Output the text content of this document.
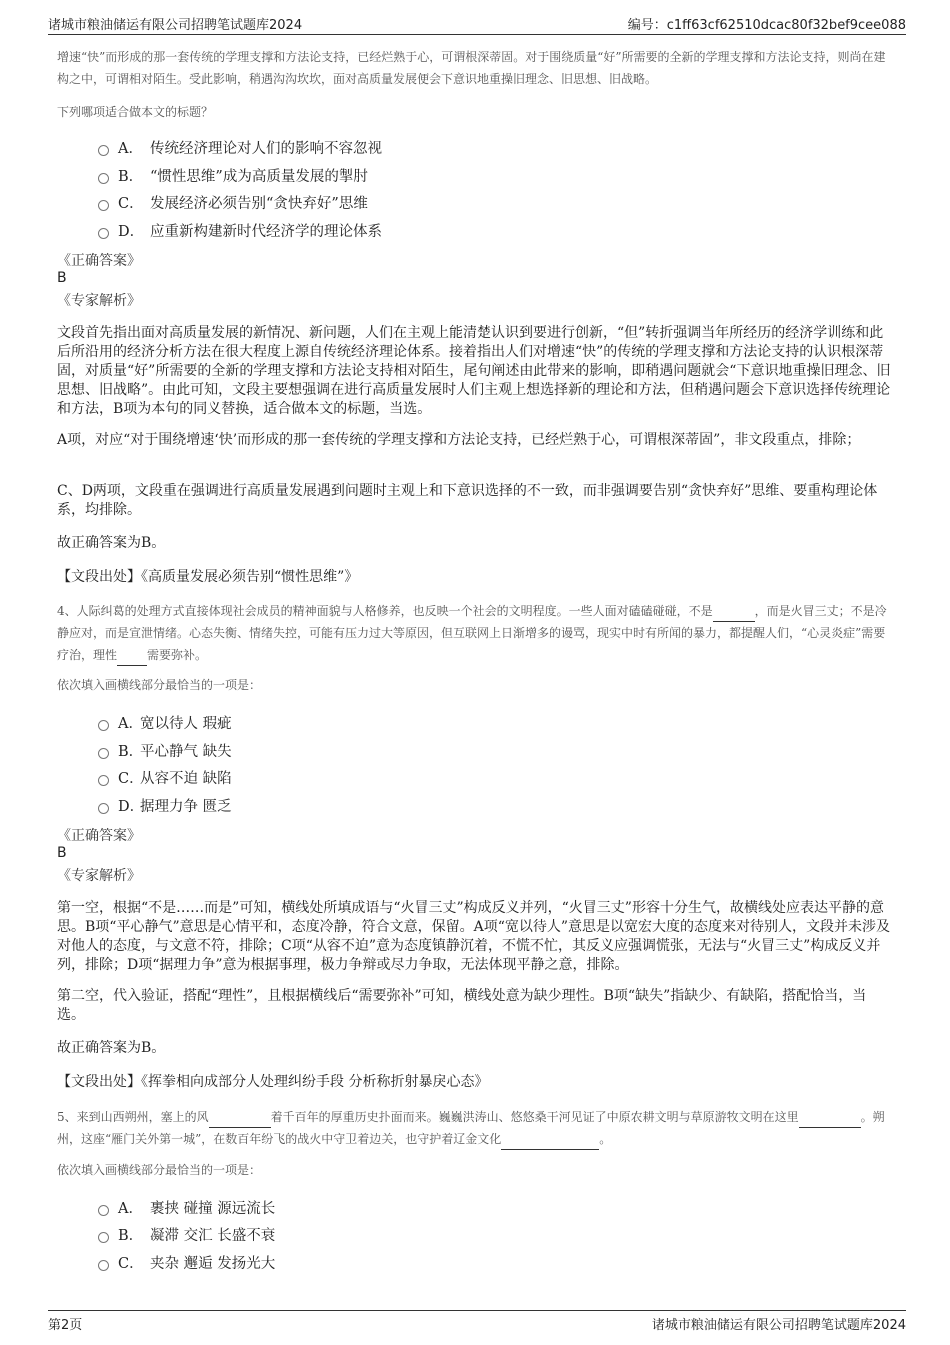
诸城市粮油储运有限公司招聘笔试题库2024	编号：c1ff63cf62510dcac80f32bef9cee088
增速“快”而形成的那一套传统的学理支撑和方法论支持，已经烂熟于心，可谓根深蒂固。对于围绕质量“好”所需要的全新的学理支撑和方法论支持，则尚在建构之中，可谓相对陌生。受此影响，稍遇沟沟坎坎，面对高质量发展便会下意识地重操旧理念、旧思想、旧战略。
下列哪项适合做本文的标题？
A． 传统经济理论对人们的影响不容忽视
B． “惯性思维”成为高质量发展的掣肘
C． 发展经济必须告别“贪快弃好”思维
D． 应重新构建新时代经济学的理论体系
《正确答案》
B
《专家解析》
文段首先指出面对高质量发展的新情况、新问题，人们在主观上能清楚认识到要进行创新，“但”转折强调当年所经历的经济学训练和此后所沿用的经济分析方法在很大程度上源自传统经济理论体系。接着指出人们对增速“快”的传统的学理支撑和方法论支持的认识根深蒂固，对质量“好”所需要的全新的学理支撑和方法论支持相对陌生，尾句阐述由此带来的影响，即稍遇问题就会“下意识地重操旧理念、旧思想、旧战略”。由此可知，文段主要想强调在进行高质量发展时人们主观上想选择新的理论和方法，但稍遇问题会下意识选择传统理论和方法，B项为本句的同义替换，适合做本文的标题，当选。
A项，对应“对于围绕增速‘快’而形成的那一套传统的学理支撑和方法论支持，已经烂熟于心，可谓根深蒂固”，非文段重点，排除；
C、D两项，文段重在强调进行高质量发展遇到问题时主观上和下意识选择的不一致，而非强调要告别“贪快弃好”思维、要重构理论体系，均排除。
故正确答案为B。
【文段出处】《高质量发展必须告别“惯性思维”》
4、人际纠葛的处理方式直接体现社会成员的精神面貌与人格修养，也反映一个社会的文明程度。一些人面对磕磕碰碰，不是	，而是火冒三丈；不是冷静应对，而是宣泄情绪。心态失衡、情绪失控，可能有压力过大等原因，但互联网上日渐增多的谩骂，现实中时有所闻的暴力，都提醒人们，“心灵炎症”需要疗治，理性	需要弥补。
依次填入画横线部分最恰当的一项是：
A．
宽以待人 瑕疵
B．
平心静气 缺失
C．
从容不迫 缺陷
D．
据理力争 匮乏
《正确答案》
B
《专家解析》
第一空，根据“不是……而是”可知，横线处所填成语与“火冒三丈”构成反义并列，“火冒三丈”形容十分生气，故横线处应表达平静的意思。B项“平心静气”意思是心情平和，态度冷静，符合文意，保留。A项“宽以待人”意思是以宽宏大度的态度来对待别人，文段并未涉及对他人的态度，与文意不符，排除；C项“从容不迫”意为态度镇静沉着，不慌不忙，其反义应强调慌张，无法与“火冒三丈”构成反义并列，排除；D项“据理力争”意为根据事理，极力争辩或尽力争取，无法体现平静之意，排除。
第二空，代入验证，搭配“理性”，且根据横线后“需要弥补”可知，横线处意为缺少理性。B项“缺失”指缺少、有缺陷，搭配恰当，当选。
故正确答案为B。
【文段出处】《挥拳相向成部分人处理纠纷手段 分析称折射暴戾心态》
5、来到山西朔州，塞上的风	着千百年的厚重历史扑面而来。巍巍洪涛山、悠悠桑干河见证了中原农耕文明与草原游牧文明在这里	。朔州，这座“雁门关外第一城”，在数百年纷飞的战火中守卫着边关，也守护着辽金文化	。
依次填入画横线部分最恰当的一项是：
A． 裹挟 碰撞 源远流长
B． 凝滞 交汇 长盛不衰
C． 夹杂 邂逅 发扬光大
第2页	诸城市粮油储运有限公司招聘笔试题库2024
